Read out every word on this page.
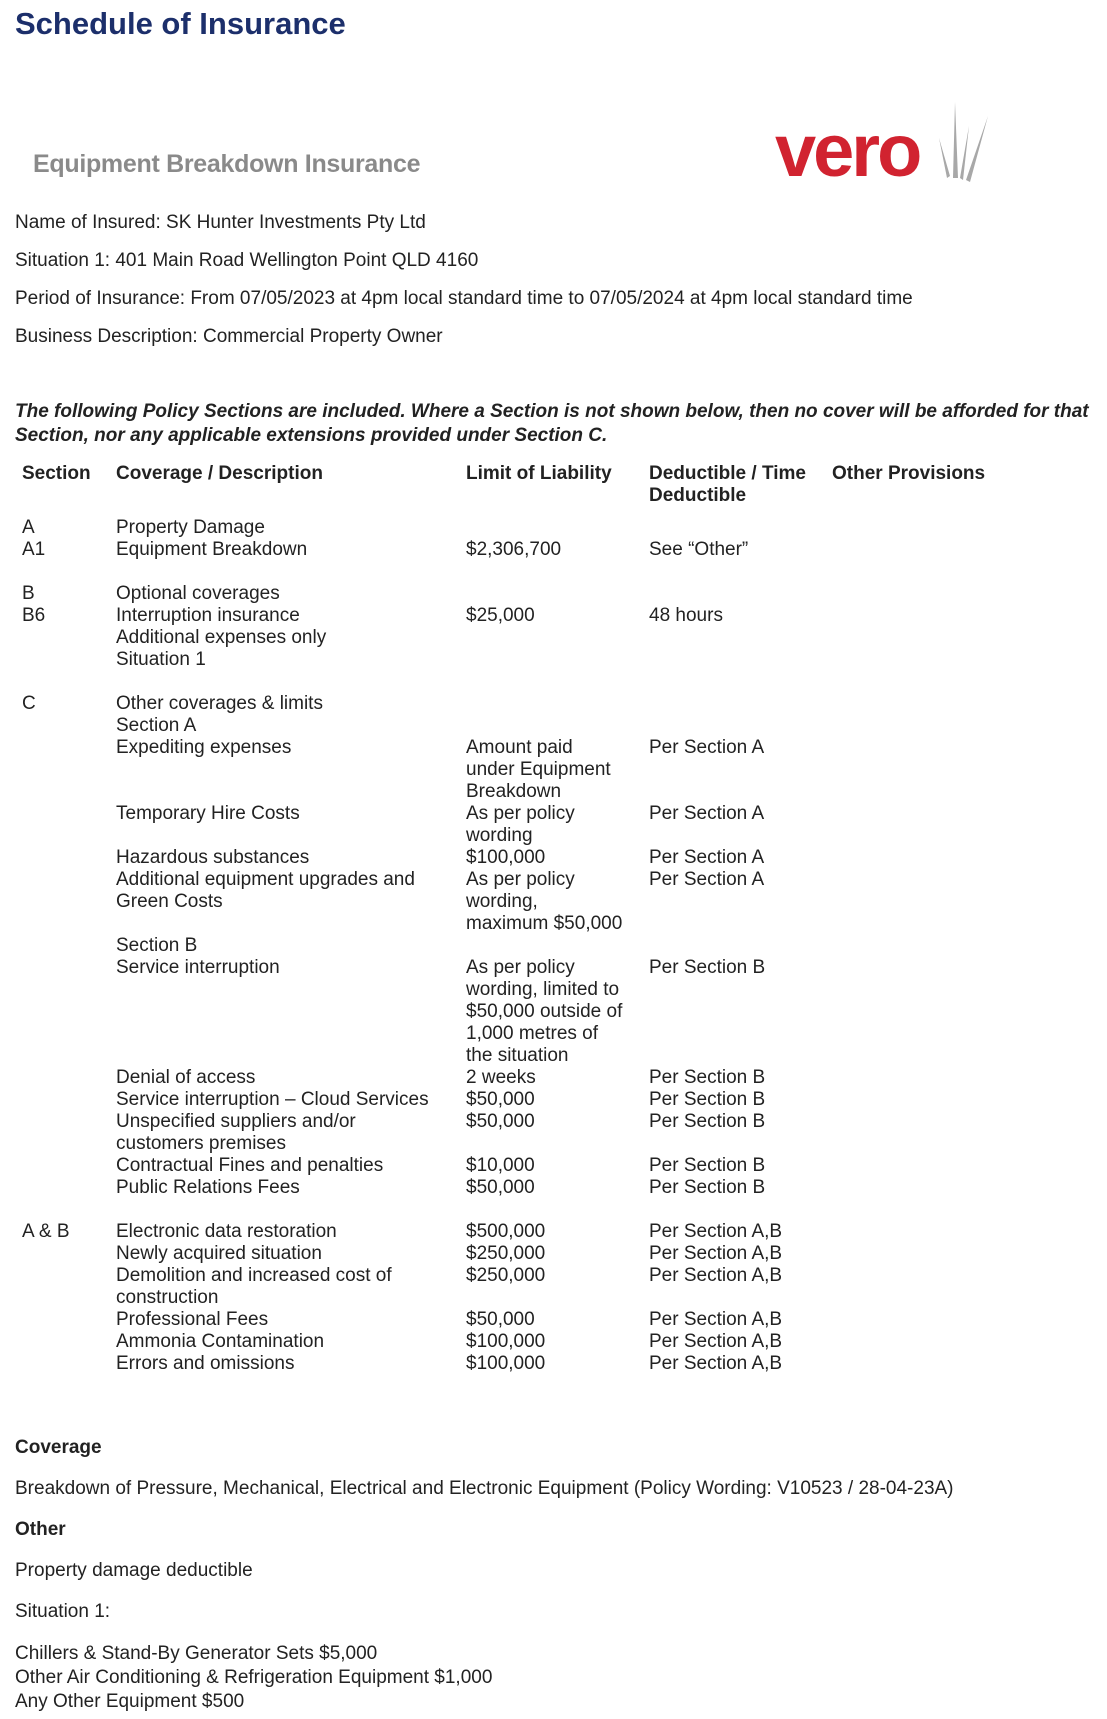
Schedule of Insurance
Equipment Breakdown Insurance	vero
Name of Insured: SK Hunter Investments Pty Ltd
Situation 1: 401 Main Road Wellington Point QLD 4160
Period of Insurance: From 07/05/2023 at 4pm local standard time to 07/05/2024 at 4pm local standard time
Business Description: Commercial Property Owner
The following Policy Sections are included. Where a Section is not shown below, then no cover will be afforded for that Section, nor any applicable extensions provided under Section C.
Section	Coverage / Description	Limit of Liability	Deductible / Time Deductible	Other Provisions
A	Property Damage			
A1	Equipment Breakdown	$2,306,700	See “Other”	

B	Optional coverages			
B6	Interruption insurance
Additional expenses only
Situation 1	$25,000	48 hours	

C	Other coverages & limits			
	Section A			
	Expediting expenses	Amount paid
under Equipment
Breakdown	Per Section A	
	Temporary Hire Costs	As per policy
wording	Per Section A	
	Hazardous substances	$100,000	Per Section A	
	Additional equipment upgrades and
Green Costs	As per policy
wording,
maximum $50,000	Per Section A	
	Section B			
	Service interruption	As per policy
wording, limited to
$50,000 outside of
1,000 metres of
the situation	Per Section B	
	Denial of access	2 weeks	Per Section B	
	Service interruption – Cloud Services	$50,000	Per Section B	
	Unspecified suppliers and/or
customers premises	$50,000	Per Section B	
	Contractual Fines and penalties	$10,000	Per Section B	
	Public Relations Fees	$50,000	Per Section B	

A & B	Electronic data restoration	$500,000	Per Section A,B	
	Newly acquired situation	$250,000	Per Section A,B	
	Demolition and increased cost of
construction	$250,000	Per Section A,B	
	Professional Fees	$50,000	Per Section A,B	
	Ammonia Contamination	$100,000	Per Section A,B	
	Errors and omissions	$100,000	Per Section A,B	
Coverage
Breakdown of Pressure, Mechanical, Electrical and Electronic Equipment (Policy Wording: V10523 / 28-04-23A)
Other
Property damage deductible
Situation 1:
Chillers & Stand-By Generator Sets $5,000
Other Air Conditioning & Refrigeration Equipment $1,000
Any Other Equipment $500
